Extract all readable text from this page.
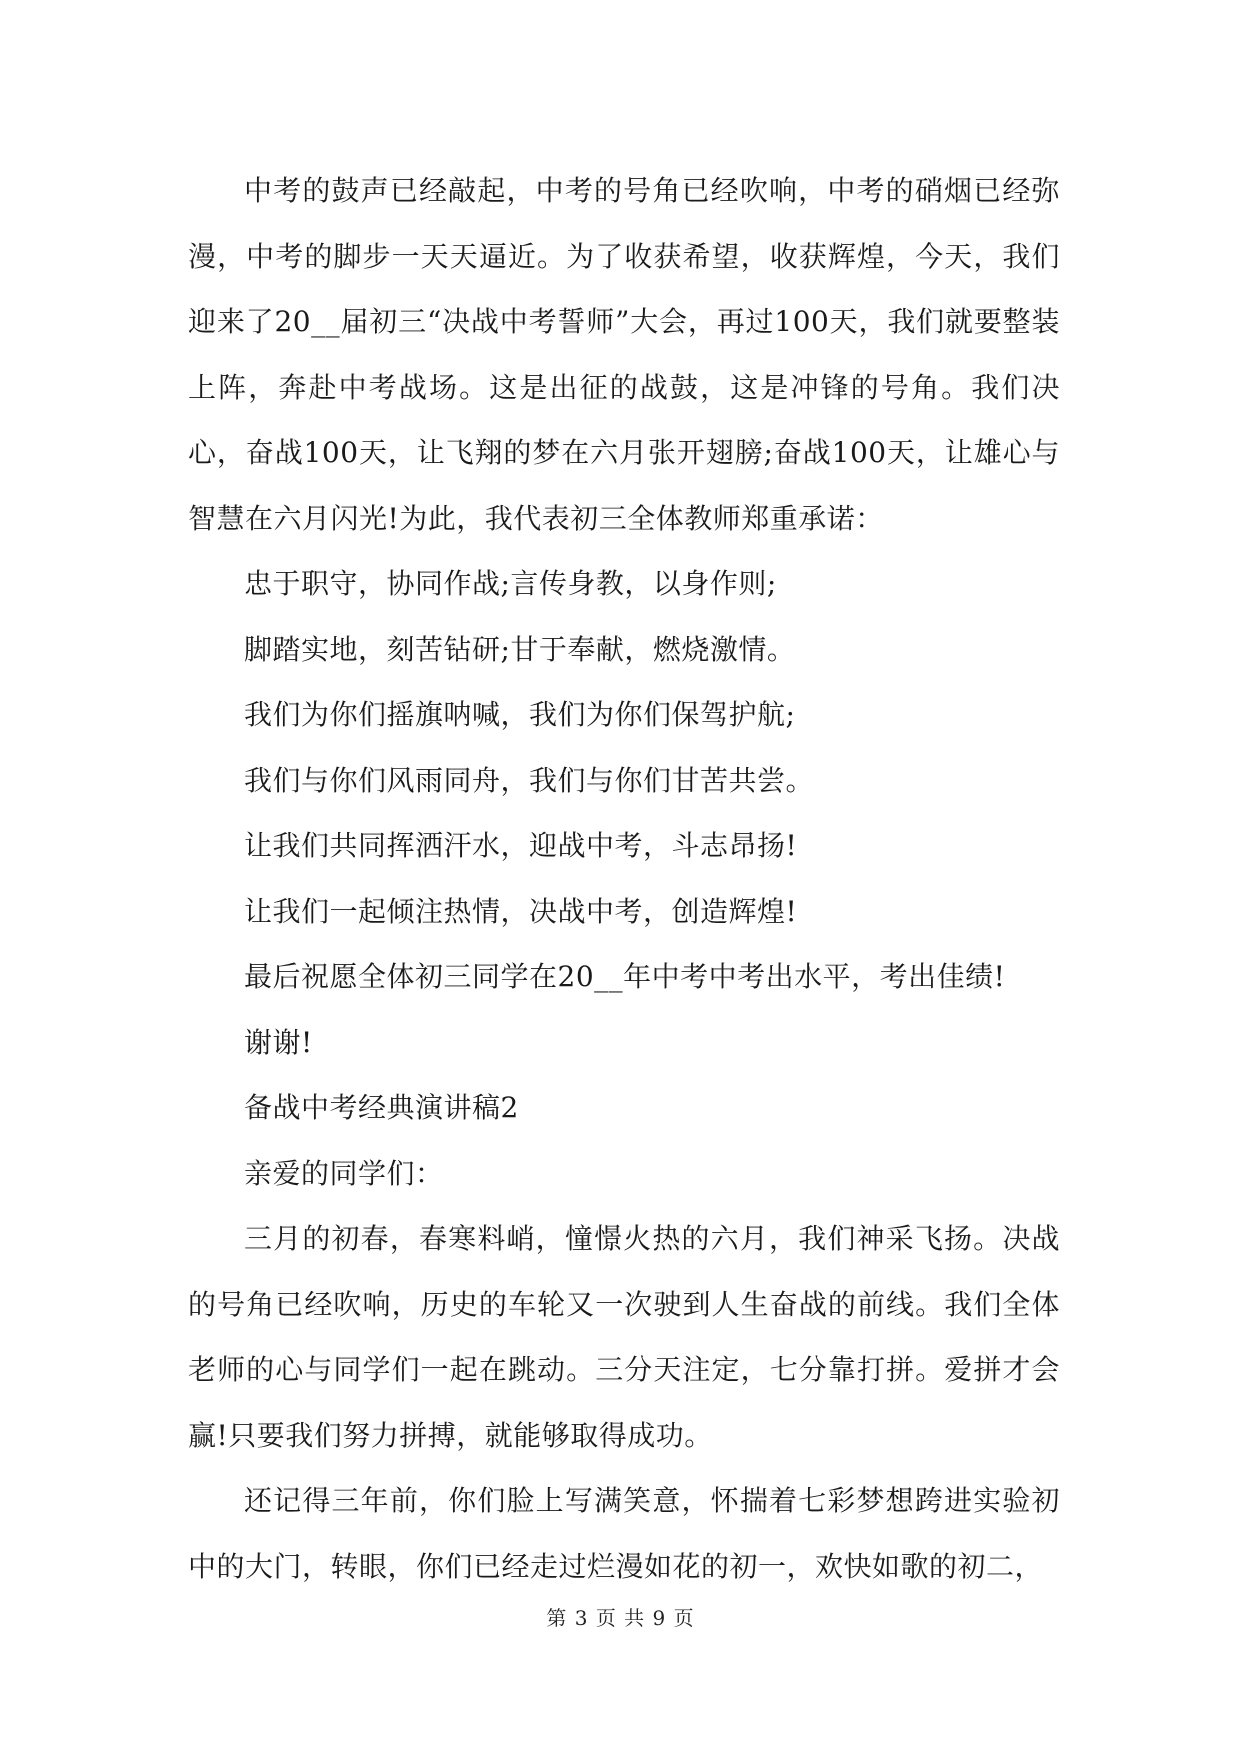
中考的鼓声已经敲起，中考的号角已经吹响，中考的硝烟已经弥漫，中考的脚步一天天逼近。为了收获希望，收获辉煌，今天，我们迎来了20__届初三“决战中考誓师”大会，再过100天，我们就要整装上阵，奔赴中考战场。这是出征的战鼓，这是冲锋的号角。我们决心，奋战100天，让飞翔的梦在六月张开翅膀;奋战100天，让雄心与智慧在六月闪光!为此，我代表初三全体教师郑重承诺：

忠于职守，协同作战;言传身教，以身作则;

脚踏实地，刻苦钻研;甘于奉献，燃烧激情。

我们为你们摇旗呐喊，我们为你们保驾护航;

我们与你们风雨同舟，我们与你们甘苦共尝。

让我们共同挥洒汗水，迎战中考，斗志昂扬!

让我们一起倾注热情，决战中考，创造辉煌!

最后祝愿全体初三同学在20__年中考中考出水平，考出佳绩!

谢谢!

备战中考经典演讲稿2

亲爱的同学们：

三月的初春，春寒料峭，憧憬火热的六月，我们神采飞扬。决战的号角已经吹响，历史的车轮又一次驶到人生奋战的前线。我们全体老师的心与同学们一起在跳动。三分天注定，七分靠打拼。爱拼才会赢!只要我们努力拼搏，就能够取得成功。

还记得三年前，你们脸上写满笑意，怀揣着七彩梦想跨进实验初中的大门，转眼，你们已经走过烂漫如花的初一，欢快如歌的初二，

第 3 页 共 9 页
